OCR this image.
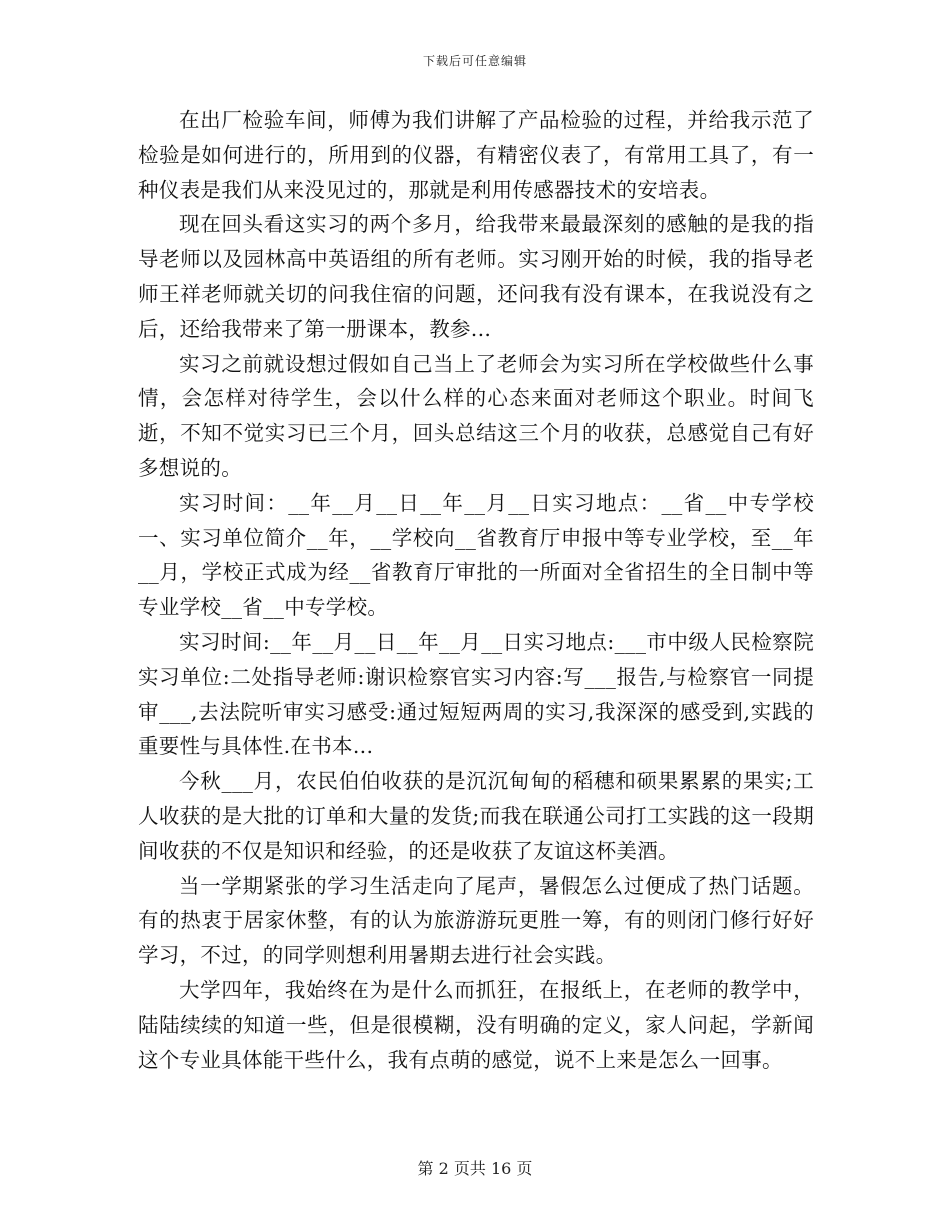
下载后可任意编辑

在出厂检验车间，师傅为我们讲解了产品检验的过程，并给我示范了检验是如何进行的，所用到的仪器，有精密仪表了，有常用工具了，有一种仪表是我们从来没见过的，那就是利用传感器技术的安培表。

现在回头看这实习的两个多月，给我带来最最深刻的感触的是我的指导老师以及园林高中英语组的所有老师。实习刚开始的时候，我的指导老师王祥老师就关切的问我住宿的问题，还问我有没有课本，在我说没有之后，还给我带来了第一册课本，教参...

实习之前就设想过假如自己当上了老师会为实习所在学校做些什么事情，会怎样对待学生，会以什么样的心态来面对老师这个职业。时间飞逝，不知不觉实习已三个月，回头总结这三个月的收获，总感觉自己有好多想说的。

实习时间：__年__月__日__年__月__日实习地点：__省__中专学校一、实习单位简介__年，__学校向__省教育厅申报中等专业学校，至__年__月，学校正式成为经__省教育厅审批的一所面对全省招生的全日制中等专业学校__省__中专学校。

实习时间:__年__月__日__年__月__日实习地点:___市中级人民检察院实习单位:二处指导老师:谢识检察官实习内容:写___报告,与检察官一同提审___,去法院听审实习感受:通过短短两周的实习,我深深的感受到,实践的重要性与具体性.在书本...

今秋___月，农民伯伯收获的是沉沉甸甸的稻穗和硕果累累的果实;工人收获的是大批的订单和大量的发货;而我在联通公司打工实践的这一段期间收获的不仅是知识和经验，的还是收获了友谊这杯美酒。

当一学期紧张的学习生活走向了尾声，暑假怎么过便成了热门话题。有的热衷于居家休整，有的认为旅游游玩更胜一筹，有的则闭门修行好好学习，不过，的同学则想利用暑期去进行社会实践。

大学四年，我始终在为是什么而抓狂，在报纸上，在老师的教学中，陆陆续续的知道一些，但是很模糊，没有明确的定义，家人问起，学新闻这个专业具体能干些什么，我有点萌的感觉，说不上来是怎么一回事。

第 2 页共 16 页
